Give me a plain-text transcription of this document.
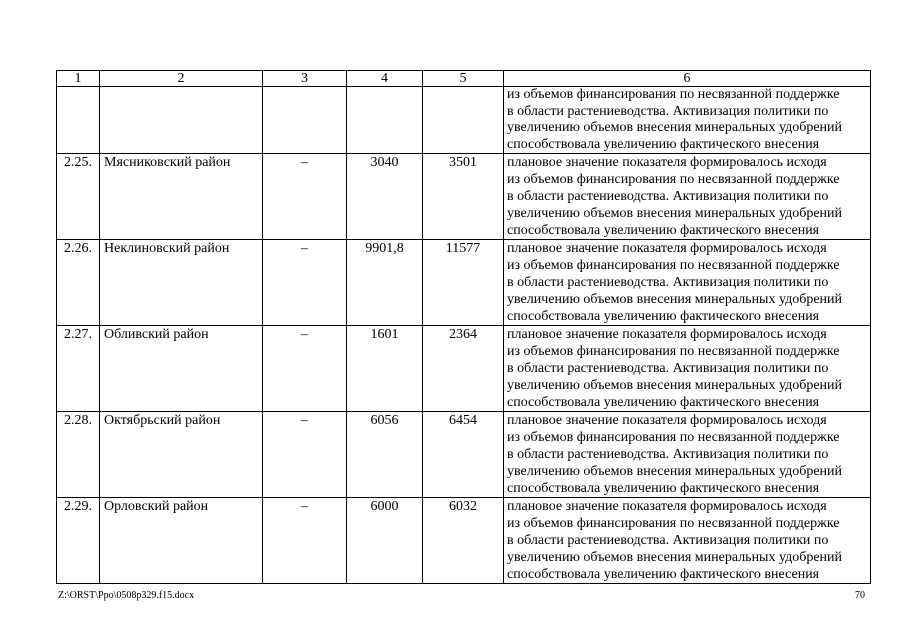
1	2	3	4	5	6
					из объемов финансирования по несвязанной поддержке
в области растениеводства. Активизация политики по
увеличению объемов внесения минеральных удобрений
способствовала увеличению фактического внесения
2.25.	Мясниковский район	–	3040	3501	плановое значение показателя формировалось исходя
из объемов финансирования по несвязанной поддержке
в области растениеводства. Активизация политики по
увеличению объемов внесения минеральных удобрений
способствовала увеличению фактического внесения
2.26.	Неклиновский район	–	9901,8	11577	плановое значение показателя формировалось исходя
из объемов финансирования по несвязанной поддержке
в области растениеводства. Активизация политики по
увеличению объемов внесения минеральных удобрений
способствовала увеличению фактического внесения
2.27.	Обливский район	–	1601	2364	плановое значение показателя формировалось исходя
из объемов финансирования по несвязанной поддержке
в области растениеводства. Активизация политики по
увеличению объемов внесения минеральных удобрений
способствовала увеличению фактического внесения
2.28.	Октябрьский район	–	6056	6454	плановое значение показателя формировалось исходя
из объемов финансирования по несвязанной поддержке
в области растениеводства. Активизация политики по
увеличению объемов внесения минеральных удобрений
способствовала увеличению фактического внесения
2.29.	Орловский район	–	6000	6032	плановое значение показателя формировалось исходя
из объемов финансирования по несвязанной поддержке
в области растениеводства. Активизация политики по
увеличению объемов внесения минеральных удобрений
способствовала увеличению фактического внесения
Z:\ORST\Ppo\0508p329.f15.docx	70
